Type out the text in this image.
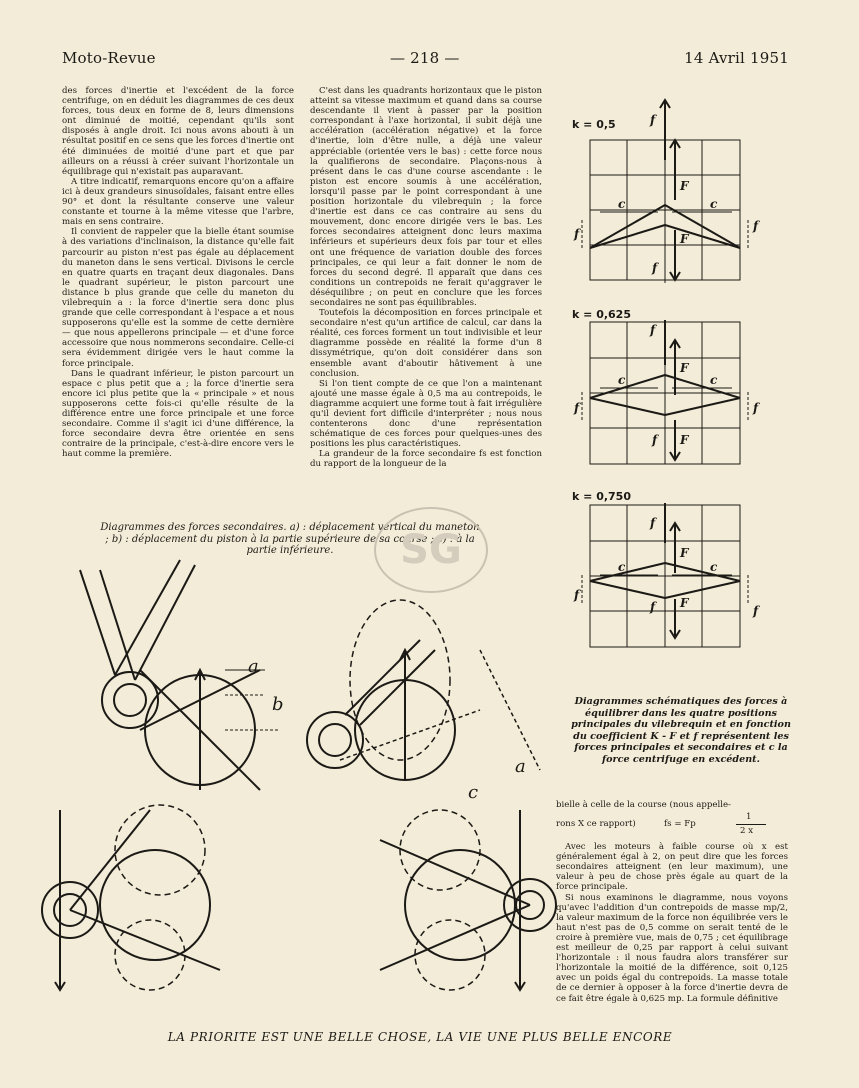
Moto-Revue	— 218 —	14 Avril 1951

des forces d'inertie et l'excédent de la force centrifuge, on en déduit les diagrammes de ces deux forces, tous deux en forme de 8, leurs dimensions ont diminué de moitié, cependant qu'ils sont disposés à angle droit. Ici nous avons abouti à un résultat positif en ce sens que les forces d'inertie ont été diminuées de moitié d'une part et que par ailleurs on a réussi à créer suivant l'horizontale un équilibrage qui n'existait pas auparavant.

A titre indicatif, remarquons encore qu'on a affaire ici à deux grandeurs sinusoïdales, faisant entre elles 90° et dont la résultante conserve une valeur constante et tourne à la même vitesse que l'arbre, mais en sens contraire.

Il convient de rappeler que la bielle étant soumise à des variations d'inclinaison, la distance qu'elle fait parcourir au piston n'est pas égale au déplacement du maneton dans le sens vertical. Divisons le cercle en quatre quarts en traçant deux diagonales. Dans le quadrant supérieur, le piston parcourt une distance b plus grande que celle du maneton du vilebrequin a : la force d'inertie sera donc plus grande que celle correspondant à l'espace a et nous supposerons qu'elle est la somme de cette dernière — que nous appellerons principale — et d'une force accessoire que nous nommerons secondaire. Celle-ci sera évidemment dirigée vers le haut comme la force principale.

Dans le quadrant inférieur, le piston parcourt un espace c plus petit que a ; la force d'inertie sera encore ici plus petite que la « principale » et nous supposerons cette fois-ci qu'elle résulte de la différence entre une force principale et une force secondaire. Comme il s'agit ici d'une différence, la force secondaire devra être orientée en sens contraire de la principale, c'est-à-dire encore vers le haut comme la première.

C'est dans les quadrants horizontaux que le piston atteint sa vitesse maximum et quand dans sa course descendante il vient à passer par la position correspondant à l'axe horizontal, il subit déjà une accélération (accélération négative) et la force d'inertie, loin d'être nulle, a déjà une valeur appréciable (orientée vers le bas) : cette force nous la qualifierons de secondaire. Plaçons-nous à présent dans le cas d'une course ascendante : le piston est encore soumis à une accélération, lorsqu'il passe par le point correspondant à une position horizontale du vilebrequin ; la force d'inertie est dans ce cas contraire au sens du mouvement, donc encore dirigée vers le bas. Les forces secondaires atteignent donc leurs maxima inférieurs et supérieurs deux fois par tour et elles ont une fréquence de variation double des forces principales, ce qui leur a fait donner le nom de forces du second degré. Il apparaît que dans ces conditions un contrepoids ne ferait qu'aggraver le déséquilibre ; on peut en conclure que les forces secondaires ne sont pas équilibrables.

Toutefois la décomposition en forces principale et secondaire n'est qu'un artifice de calcul, car dans la réalité, ces forces forment un tout indivisible et leur diagramme possède en réalité la forme d'un 8 dissymétrique, qu'on doit considérer dans son ensemble avant d'aboutir hâtivement à une conclusion.

Si l'on tient compte de ce que l'on a maintenant ajouté une masse égale à 0,5 ma au contrepoids, le diagramme acquiert une forme tout à fait irrégulière qu'il devient fort difficile d'interpréter ; nous nous contenterons donc d'une représentation schématique de ces forces pour quelques-unes des positions les plus caractéristiques.

La grandeur de la force secondaire fs est fonction du rapport de la longueur de la

bielle à celle de la course (nous appelle-

Avec les moteurs à faible course où x est généralement égal à 2, on peut dire que les forces secondaires atteignent (en leur maximum), une valeur à peu de chose près égale au quart de la force principale.

Si nous examinons le diagramme, nous voyons qu'avec l'addition d'un contrepoids de masse mp/2, la valeur maximum de la force non équilibrée vers le haut n'est pas de 0,5 comme on serait tenté de le croire à première vue, mais de 0,75 ; cet équilibrage est meilleur de 0,25 par rapport à celui suivant l'horizontale : il nous faudra alors transférer sur l'horizontale la moitié de la différence, soit 0,125 avec un poids égal du contrepoids. La masse totale de ce dernier à opposer à la force d'inertie devra de ce fait être égale à 0,625 mp. La formule définitive

rons X ce rapport)	fs = Fp
1
2 x
Diagrammes des forces secondaires. a) : déplacement vertical du maneton ; b) : déplacement du piston à la partie supérieure de sa course ; c) : à la partie inférieure.
Diagrammes schématiques des forces à équilibrer dans les quatre positions principales du vilebrequin et en fonction du coefficient K - F et f représentent les forces principales et secondaires et c la force centrifuge en excédent.
k = 0,5
k = 0,625
k = 0,750
f
F
c	c
F
f
f
f
f
F
c	c
f	f
f F
f
F
c	c
f
f
f F
a
b
c
a
SG
LA PRIORITE EST UNE BELLE CHOSE, LA VIE UNE PLUS BELLE ENCORE
